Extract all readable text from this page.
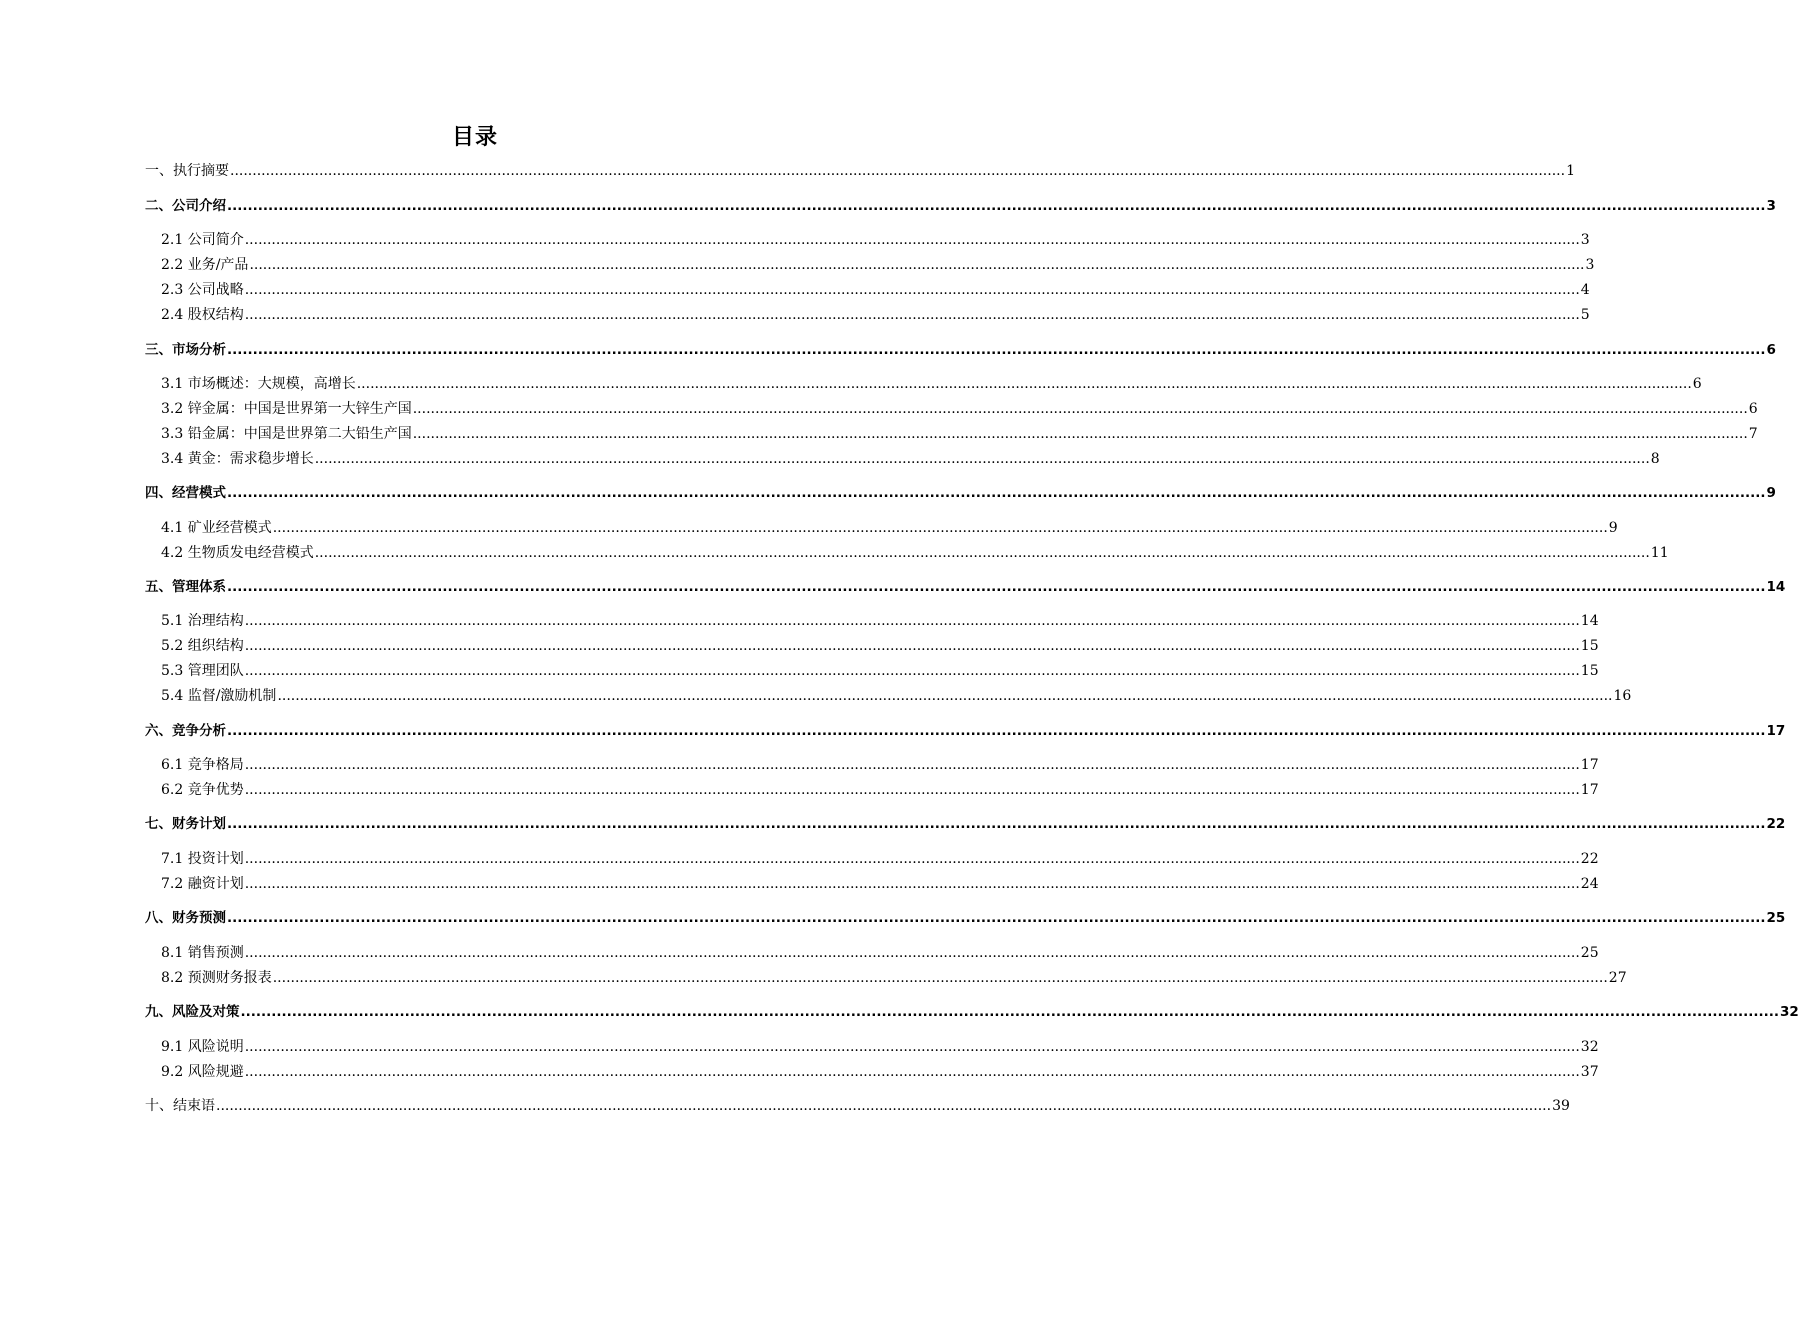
目录
一、执行摘要 ............................................................................................................................................................................................................................................................................................................ 1
二、公司介绍 ............................................................................................................................................................................................................................................................................................................ 3
2.1 公司简介 ............................................................................................................................................................................................................................................................................................................ 3
2.2 业务/产品 ............................................................................................................................................................................................................................................................................................................ 3
2.3 公司战略 ............................................................................................................................................................................................................................................................................................................ 4
2.4 股权结构 ............................................................................................................................................................................................................................................................................................................ 5
三、市场分析 ............................................................................................................................................................................................................................................................................................................ 6
3.1 市场概述：大规模，高增长 ............................................................................................................................................................................................................................................................................................................ 6
3.2 锌金属：中国是世界第一大锌生产国 ............................................................................................................................................................................................................................................................................................................ 6
3.3 铅金属：中国是世界第二大铅生产国 ............................................................................................................................................................................................................................................................................................................ 7
3.4 黄金：需求稳步增长 ............................................................................................................................................................................................................................................................................................................ 8
四、经营模式 ............................................................................................................................................................................................................................................................................................................ 9
4.1 矿业经营模式 ............................................................................................................................................................................................................................................................................................................ 9
4.2 生物质发电经营模式 ............................................................................................................................................................................................................................................................................................................ 11
五、管理体系 ............................................................................................................................................................................................................................................................................................................ 14
5.1 治理结构 ............................................................................................................................................................................................................................................................................................................ 14
5.2 组织结构 ............................................................................................................................................................................................................................................................................................................ 15
5.3 管理团队 ............................................................................................................................................................................................................................................................................................................ 15
5.4 监督/激励机制 ............................................................................................................................................................................................................................................................................................................ 16
六、竞争分析 ............................................................................................................................................................................................................................................................................................................ 17
6.1 竞争格局 ............................................................................................................................................................................................................................................................................................................ 17
6.2 竞争优势 ............................................................................................................................................................................................................................................................................................................ 17
七、财务计划 ............................................................................................................................................................................................................................................................................................................ 22
7.1 投资计划 ............................................................................................................................................................................................................................................................................................................ 22
7.2 融资计划 ............................................................................................................................................................................................................................................................................................................ 24
八、财务预测 ............................................................................................................................................................................................................................................................................................................ 25
8.1 销售预测 ............................................................................................................................................................................................................................................................................................................ 25
8.2 预测财务报表 ............................................................................................................................................................................................................................................................................................................ 27
九、风险及对策 ............................................................................................................................................................................................................................................................................................................ 32
9.1 风险说明 ............................................................................................................................................................................................................................................................................................................ 32
9.2 风险规避 ............................................................................................................................................................................................................................................................................................................ 37
十、结束语 ............................................................................................................................................................................................................................................................................................................ 39
